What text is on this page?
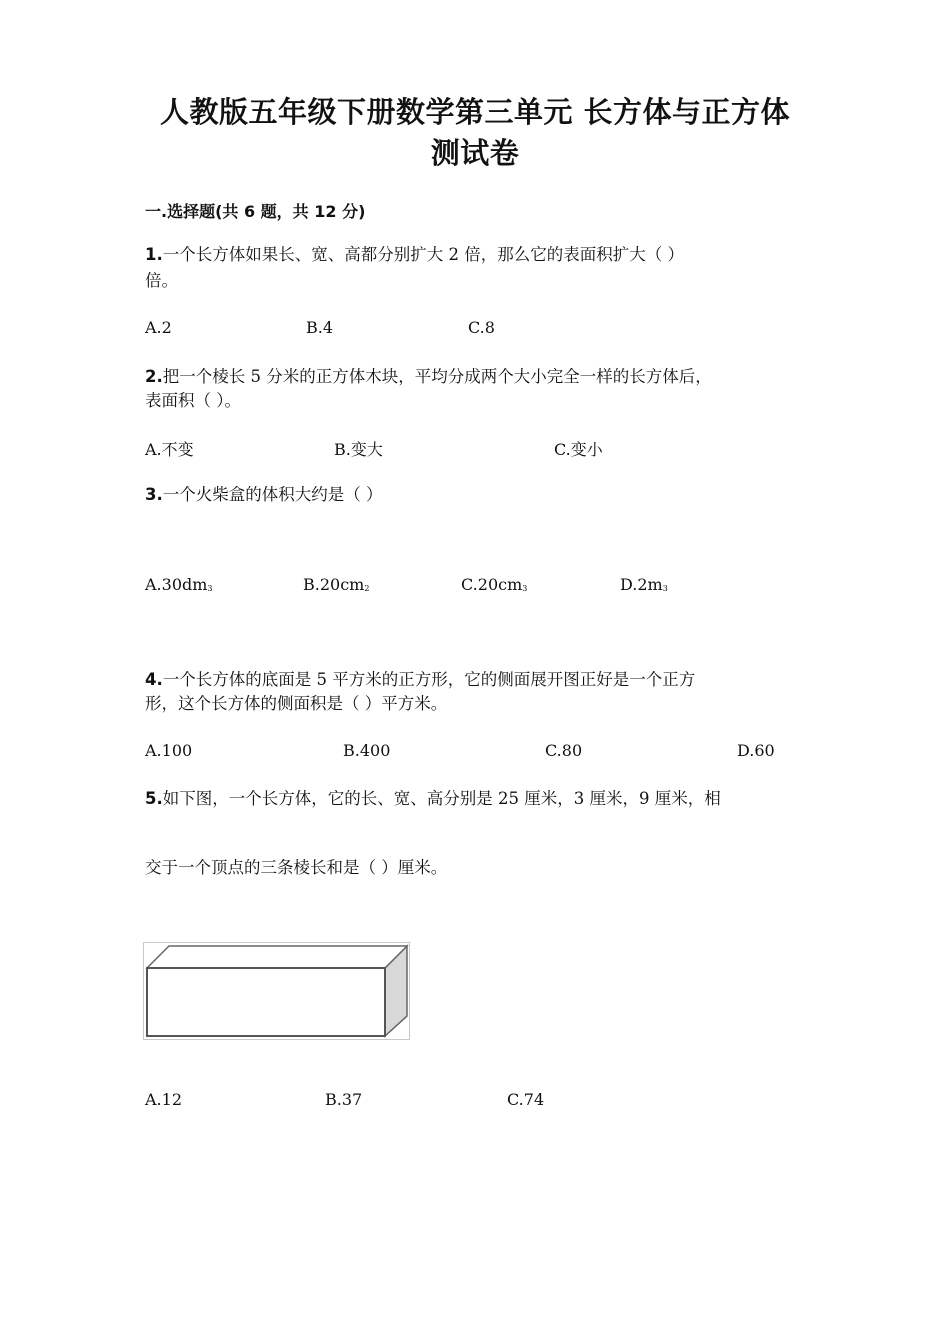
人教版五年级下册数学第三单元 长方体与正方体
测试卷
一.选择题(共 6 题，共 12 分)
1.一个长方体如果长、宽、高都分别扩大 2 倍，那么它的表面积扩大（ ）
倍。
A.2	B.4	C.8
2.把一个棱长 5 分米的正方体木块，平均分成两个大小完全一样的长方体后，
表面积（ ）。
A.不变	B.变大	C.变小
3.一个火柴盒的体积大约是（ ）
$A.30dm_3$	$B.20cm_2$	$C.20cm_3$	$D.2m_3$
4.一个长方体的底面是 5 平方米的正方形，它的侧面展开图正好是一个正方
形，这个长方体的侧面积是（ ）平方米。
A.100	B.400	C.80	D.60
5.如下图，一个长方体，它的长、宽、高分别是 25 厘米，3 厘米，9 厘米，相
交于一个顶点的三条棱长和是（ ）厘米。
A.12	B.37	C.74
